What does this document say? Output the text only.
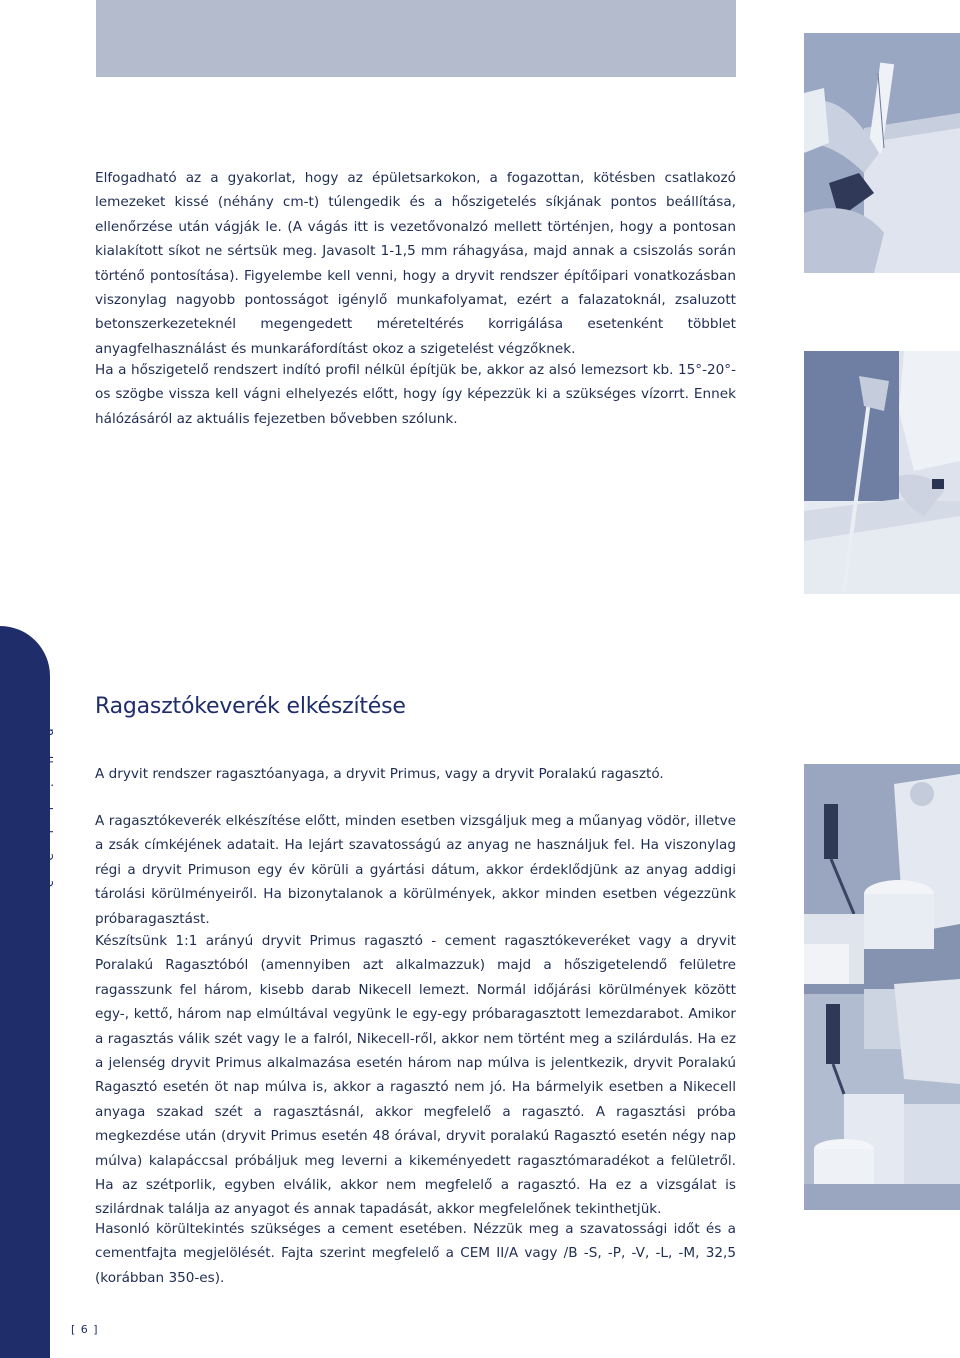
Elfogadható az a gyakorlat, hogy az épületsarkokon, a fogazottan, kötésben csatlakozó lemezeket kissé (néhány cm-t) túlengedik és a hőszigetelés síkjának pontos beállítása, ellenőrzése után vágják le. (A vágás itt is vezetővonalzó mellett történjen, hogy a pontosan kialakított síkot ne sértsük meg. Javasolt 1-1,5 mm ráhagyása, majd annak a csiszolás során történő pontosítása). Figyelembe kell venni, hogy a dryvit rendszer építőipari vonatkozásban viszonylag nagyobb pontosságot igénylő munkafolyamat, ezért a falazatoknál, zsaluzott betonszerkezeteknél megengedett méreteltérés korrigálása esetenként többlet anyagfelhasználást és munkaráfordítást okoz a szigetelést végzőknek.

Ha a hőszigetelő rendszert indító profil nélkül építjük be, akkor az alsó lemezsort kb. 15°-20°-os szögbe vissza kell vágni elhelyezés előtt, hogy így képezzük ki a szükséges vízorrt. Ennek hálózásáról az aktuális fejezetben bővebben szólunk.

Ragasztókeverék elkészítése

A dryvit rendszer ragasztóanyaga, a dryvit Primus, vagy a dryvit Poralakú ragasztó.

A ragasztókeverék elkészítése előtt, minden esetben vizsgáljuk meg a műanyag vödör, illetve a zsák címkéjének adatait. Ha lejárt szavatosságú az anyag ne használjuk fel. Ha viszonylag régi a dryvit Primuson egy év körüli a gyártási dátum, akkor érdeklődjünk az anyag addigi tárolási körülményeiről. Ha bizonytalanok a körülmények, akkor minden esetben végezzünk próbaragasztást.

Készítsünk 1:1 arányú dryvit Primus ragasztó - cement ragasztókeveréket vagy a dryvit Poralakú Ragasztóból (amennyiben azt alkalmazzuk) majd a hőszigetelendő felületre ragasszunk fel három, kisebb darab Nikecell lemezt. Normál időjárási körülmények között egy-, kettő, három nap elmúltával vegyünk le egy-egy próbaragasztott lemezdarabot. Amikor a ragasztás válik szét vagy le a falról, Nikecell-ről, akkor nem történt meg a szilárdulás. Ha ez a jelenség dryvit Primus alkalmazása esetén három nap múlva is jelentkezik, dryvit Poralakú Ragasztó esetén öt nap múlva is, akkor a ragasztó nem jó. Ha bármelyik esetben a Nikecell anyaga szakad szét a ragasztásnál, akkor megfelelő a ragasztó. A ragasztási próba megkezdése után (dryvit Primus esetén 48 órával, dryvit poralakú Ragasztó esetén négy nap múlva) kalapáccsal próbáljuk meg leverni a kikeményedett ragasztómaradékot a felületről. Ha az szétporlik, egyben elválik, akkor nem megfelelő a ragasztó. Ha ez a vizsgálat is szilárdnak találja az anyagot és annak tapadását, akkor megfelelőnek tekinthetjük.

Hasonló körültekintés szükséges a cement esetében. Nézzük meg a szavatossági időt és a cementfajta megjelölését. Fajta szerint megfelelő a CEM II/A vagy /B -S, -P, -V, -L, -M, 32,5 (korábban 350-es).

w w w . n i k e c e l l . h u
[ 6 ]
